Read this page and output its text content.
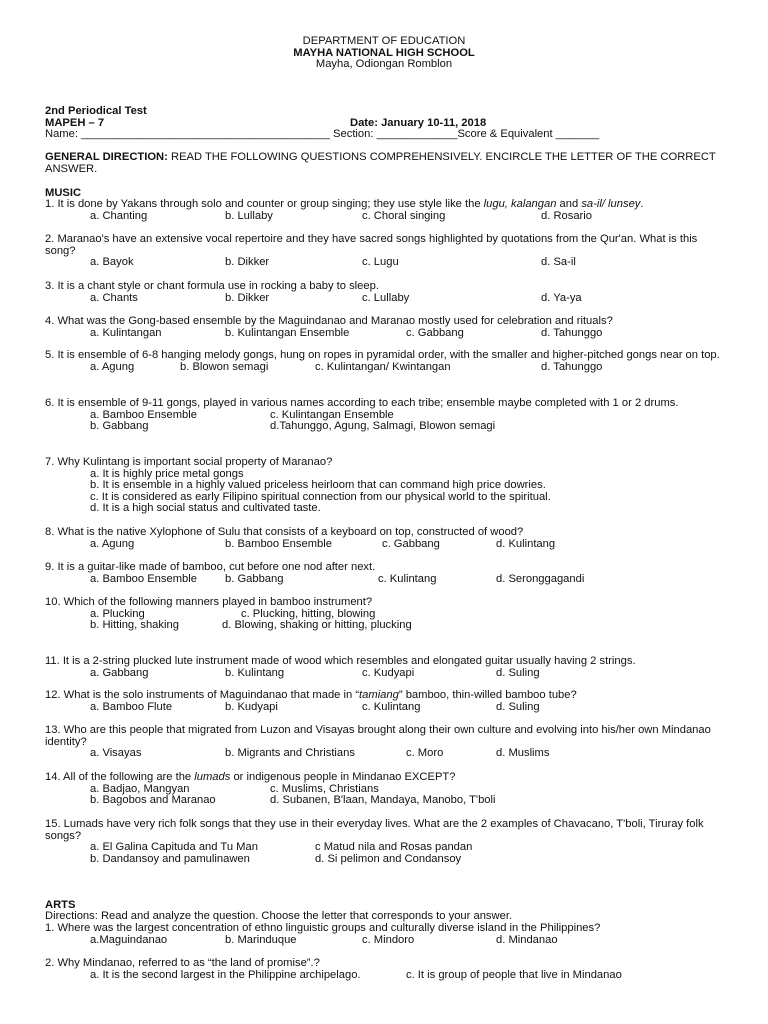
DEPARTMENT OF EDUCATION
MAYHA NATIONAL HIGH SCHOOL
Mayha, Odiongan Romblon
2nd Periodical Test
MAPEH – 7	Date: January 10-11, 2018
Name: ________________________________________ Section: _____________Score & Equivalent _______
GENERAL DIRECTION: READ THE FOLLOWING QUESTIONS COMPREHENSIVELY. ENCIRCLE THE LETTER OF THE CORRECT ANSWER.
MUSIC
1. It is done by Yakans through solo and counter or group singing; they use style like the lugu, kalangan and sa-il/ lunsey.
a. Chanting	b. Lullaby	c. Choral singing	d. Rosario
2. Maranao's have an extensive vocal repertoire and they have sacred songs highlighted by quotations from the Qur'an. What is this song?
a. Bayok	b. Dikker	c. Lugu	d. Sa-il
3. It is a chant style or chant formula use in rocking a baby to sleep.
a. Chants	b. Dikker	c. Lullaby	d. Ya-ya
4. What was the Gong-based ensemble by the Maguindanao and Maranao mostly used for celebration and rituals?
a. Kulintangan	b. Kulintangan Ensemble	c. Gabbang	d. Tahunggo
5. It is ensemble of 6-8 hanging melody gongs, hung on ropes in pyramidal order, with the smaller and higher-pitched gongs near on top.
a. Agung	b. Blowon semagi	c. Kulintangan/ Kwintangan	d. Tahunggo
6. It is ensemble of 9-11 gongs, played in various names according to each tribe; ensemble maybe completed with 1 or 2 drums.
a. Bamboo Ensemble	c. Kulintangan Ensemble
b. Gabbang	d.Tahunggo, Agung, Salmagi, Blowon semagi
7. Why Kulintang is important social property of Maranao?
a. It is highly price metal gongs
b. It is ensemble in a highly valued priceless heirloom that can command high price dowries.
c. It is considered as early Filipino spiritual connection from our physical world to the spiritual.
d. It is a high social status and cultivated taste.
8. What is the native Xylophone of Sulu that consists of a keyboard on top, constructed of wood?
a. Agung	b. Bamboo Ensemble	c. Gabbang	d. Kulintang
9. It is a guitar-like made of bamboo, cut before one nod after next.
a. Bamboo Ensemble	b. Gabbang	c. Kulintang	d. Seronggagandi
10. Which of the following manners played in bamboo instrument?
a. Plucking	c. Plucking, hitting, blowing
b. Hitting, shaking	d. Blowing, shaking or hitting, plucking
11. It is a 2-string plucked lute instrument made of wood which resembles and elongated guitar usually having 2 strings.
a. Gabbang	b. Kulintang	c. Kudyapi	d. Suling
12. What is the solo instruments of Maguindanao that made in “tamiang” bamboo, thin-willed bamboo tube?
a. Bamboo Flute	b. Kudyapi	c. Kulintang	d. Suling
13. Who are this people that migrated from Luzon and Visayas brought along their own culture and evolving into his/her own Mindanao identity?
a. Visayas	b. Migrants and Christians	c. Moro	d. Muslims
14. All of the following are the lumads or indigenous people in Mindanao EXCEPT?
a. Badjao, Mangyan	c. Muslims, Christians
b. Bagobos and Maranao	d. Subanen, B'laan, Mandaya, Manobo, T'boli
15. Lumads have very rich folk songs that they use in their everyday lives. What are the 2 examples of Chavacano, T'boli, Tiruray folk songs?
a. El Galina Capituda and Tu Man	c Matud nila and Rosas pandan
b. Dandansoy and pamulinawen	d. Si pelimon and Condansoy
ARTS
Directions: Read and analyze the question. Choose the letter that corresponds to your answer.
1. Where was the largest concentration of ethno linguistic groups and culturally diverse island in the Philippines?
a.Maguindanao	b. Marinduque	c. Mindoro	d. Mindanao
2. Why Mindanao, referred to as “the land of promise”.?
a. It is the second largest in the Philippine archipelago.	c. It is group of people that live in Mindanao
